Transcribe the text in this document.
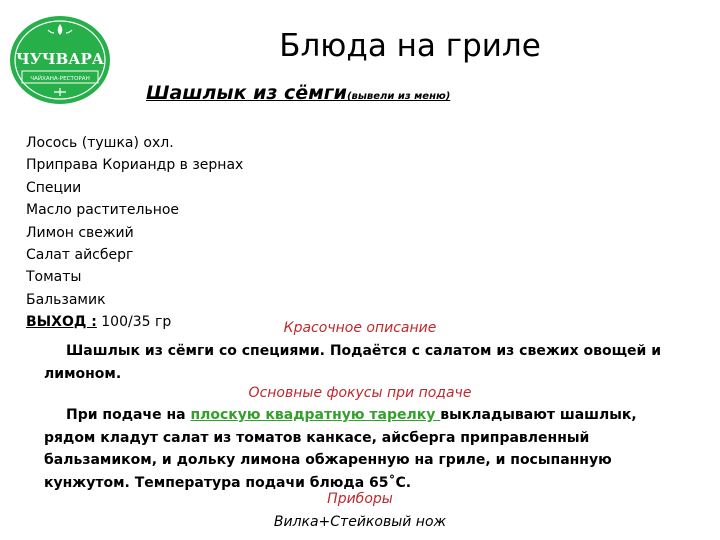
ЧУЧВАРА
ЧАЙХАНА-РЕСТОРАН
Блюда на гриле
Шашлык из сёмги(вывели из меню)
Лосось (тушка) охл.
Приправа Кориандр в зернах
Специи
Масло растительное
Лимон свежий
Салат айсберг
Томаты
Бальзамик
ВЫХОД : 100/35 гр	Красочное описание
Шашлык из сёмги со специями. Подаётся с салатом из свежих овощей и лимоном.
Основные фокусы при подаче
При подаче на плоскую квадратную тарелку выкладывают шашлык, рядом кладут салат из томатов канкасе, айсберга приправленный бальзамиком, и дольку лимона обжаренную на гриле, и посыпанную кунжутом. Температура подачи блюда 65˚С.
Приборы
Вилка+Стейковый нож
